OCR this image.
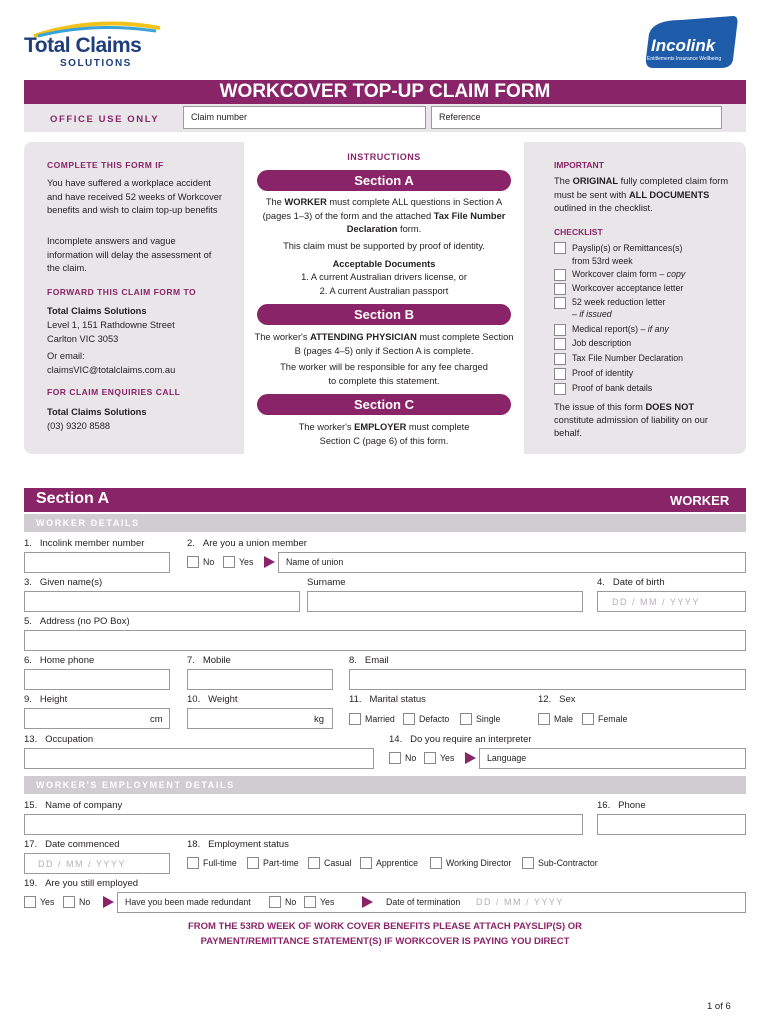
Total Claims
SOLUTIONS
Incolink
Entitlements Insurance Wellbeing
WORKCOVER TOP-UP CLAIM FORM
OFFICE USE ONLY	Claim number	Reference
COMPLETE THIS FORM IF
You have suffered a workplace accident and have received 52 weeks of Workcover benefits and wish to claim top-up benefits
Incomplete answers and vague information will delay the assessment of the claim.
FORWARD THIS CLAIM FORM TO
Total Claims Solutions
Level 1, 151 Rathdowne Street
Carlton VIC 3053
Or email:
claimsVIC@totalclaims.com.au
FOR CLAIM ENQUIRIES CALL
Total Claims Solutions
(03) 9320 8588
INSTRUCTIONS
Section A
The WORKER must complete ALL questions in Section A (pages 1–3) of the form and the attached Tax File Number Declaration form.
This claim must be supported by proof of identity.
Acceptable Documents
1. A current Australian drivers license, or
2. A current Australian passport
Section B
The worker's ATTENDING PHYSICIAN must complete Section B (pages 4–5) only if Section A is complete.
The worker will be responsible for any fee charged to complete this statement.
Section C
The worker's EMPLOYER must complete Section C (page 6) of this form.
IMPORTANT
The ORIGINAL fully completed claim form must be sent with ALL DOCUMENTS outlined in the checklist.
CHECKLIST
Payslip(s) or Remittances(s) from 53rd week
Workcover claim form – copy
Workcover acceptance letter
52 week reduction letter
– if issued
Medical report(s) – if any
Job description
Tax File Number Declaration
Proof of identity
Proof of bank details
The issue of this form DOES NOT constitute admission of liability on our behalf.
Section A	WORKER
WORKER DETAILS
1. Incolink member number	2. Are you a union member
No	Yes	Name of union
3. Given name(s)	Surname	4. Date of birth
DD / MM / YYYY
5. Address (no PO Box)
6. Home phone	7. Mobile	8. Email
9. Height
cm
10. Weight
kg
11. Marital status
Married	Defacto	Single
12. Sex
Male	Female
13. Occupation	14. Do you require an interpreter
No	Yes	Language
WORKER'S EMPLOYMENT DETAILS
15. Name of company	16. Phone
17. Date commenced
DD / MM / YYYY
18. Employment status
Full-time	Part-time	Casual	Apprentice	Working Director	Sub-Contractor
19. Are you still employed
Yes	No	Have you been made redundant	No	Yes	Date of termination DD / MM / YYYY
FROM THE 53RD WEEK OF WORK COVER BENEFITS PLEASE ATTACH PAYSLIP(S) OR
PAYMENT/REMITTANCE STATEMENT(S) IF WORKCOVER IS PAYING YOU DIRECT
1 of 6
